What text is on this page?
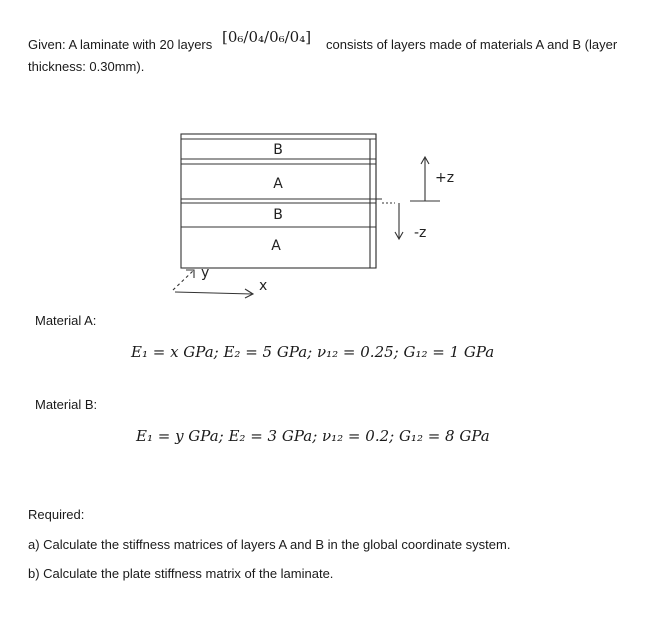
Given: A laminate with 20 layers [0₆/0₄/0₆/0₄] consists of layers made of materials A and B (layer
thickness: 0.30mm).
B
A
B
A
+z
-z
y
x
Material A:
E₁ = x GPa; E₂ = 5 GPa; ν₁₂ = 0.25; G₁₂ = 1 GPa
Material B:
E₁ = y GPa; E₂ = 3 GPa; ν₁₂ = 0.2; G₁₂ = 8 GPa
Required:
a) Calculate the stiffness matrices of layers A and B in the global coordinate system.
b) Calculate the plate stiffness matrix of the laminate.
